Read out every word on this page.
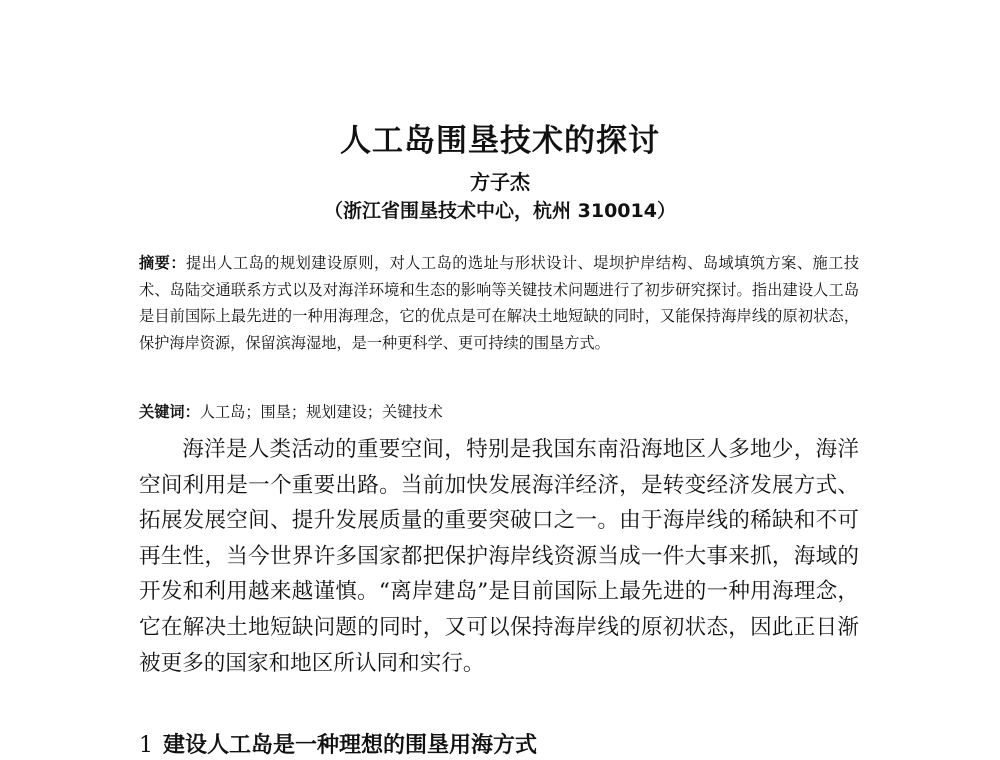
人工岛围垦技术的探讨
方子杰
（浙江省围垦技术中心，杭州 310014）

摘要：提出人工岛的规划建设原则，对人工岛的选址与形状设计、堤坝护岸结构、岛域填筑方案、施工技术、岛陆交通联系方式以及对海洋环境和生态的影响等关键技术问题进行了初步研究探讨。指出建设人工岛是目前国际上最先进的一种用海理念，它的优点是可在解决土地短缺的同时，又能保持海岸线的原初状态，保护海岸资源，保留滨海湿地，是一种更科学、更可持续的围垦方式。

关键词：人工岛；围垦；规划建设；关键技术

海洋是人类活动的重要空间，特别是我国东南沿海地区人多地少，海洋空间利用是一个重要出路。当前加快发展海洋经济，是转变经济发展方式、拓展发展空间、提升发展质量的重要突破口之一。由于海岸线的稀缺和不可再生性，当今世界许多国家都把保护海岸线资源当成一件大事来抓，海域的开发和利用越来越谨慎。“离岸建岛”是目前国际上最先进的一种用海理念，它在解决土地短缺问题的同时，又可以保持海岸线的原初状态，因此正日渐被更多的国家和地区所认同和实行。

1 建设人工岛是一种理想的围垦用海方式
